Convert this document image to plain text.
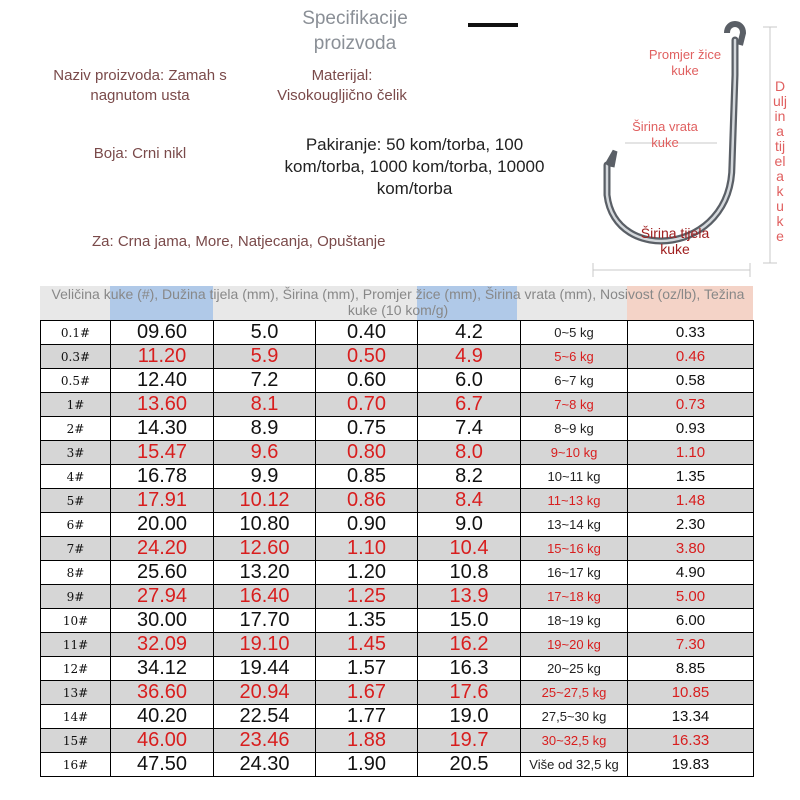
Specifikacije proizvoda
Naziv proizvoda: Zamah s nagnutom usta
Materijal: Visokougljično čelik
Boja: Crni nikl	Pakiranje: 50 kom/torba, 100 kom/torba, 1000 kom/torba, 10000 kom/torba
Za: Crna jama, More, Natjecanja, Opuštanje
Promjer žice kuke
Duljina tijela kuke
Širina vrata kuke
Širina tijela kuke
Veličina kuke (#), Dužina tijela (mm), Širina (mm), Promjer žice (mm), Širina vrata (mm), Nosivost (oz/lb), Težina kuke (10 kom/g)
0.1#	09.60	5.0	0.40	4.2	0~5 kg	0.33
0.3#	11.20	5.9	0.50	4.9	5~6 kg	0.46
0.5#	12.40	7.2	0.60	6.0	6~7 kg	0.58
1#	13.60	8.1	0.70	6.7	7~8 kg	0.73
2#	14.30	8.9	0.75	7.4	8~9 kg	0.93
3#	15.47	9.6	0.80	8.0	9~10 kg	1.10
4#	16.78	9.9	0.85	8.2	10~11 kg	1.35
5#	17.91	10.12	0.86	8.4	11~13 kg	1.48
6#	20.00	10.80	0.90	9.0	13~14 kg	2.30
7#	24.20	12.60	1.10	10.4	15~16 kg	3.80
8#	25.60	13.20	1.20	10.8	16~17 kg	4.90
9#	27.94	16.40	1.25	13.9	17~18 kg	5.00
10#	30.00	17.70	1.35	15.0	18~19 kg	6.00
11#	32.09	19.10	1.45	16.2	19~20 kg	7.30
12#	34.12	19.44	1.57	16.3	20~25 kg	8.85
13#	36.60	20.94	1.67	17.6	25~27,5 kg	10.85
14#	40.20	22.54	1.77	19.0	27,5~30 kg	13.34
15#	46.00	23.46	1.88	19.7	30~32,5 kg	16.33
16#	47.50	24.30	1.90	20.5	Više od 32,5 kg	19.83
